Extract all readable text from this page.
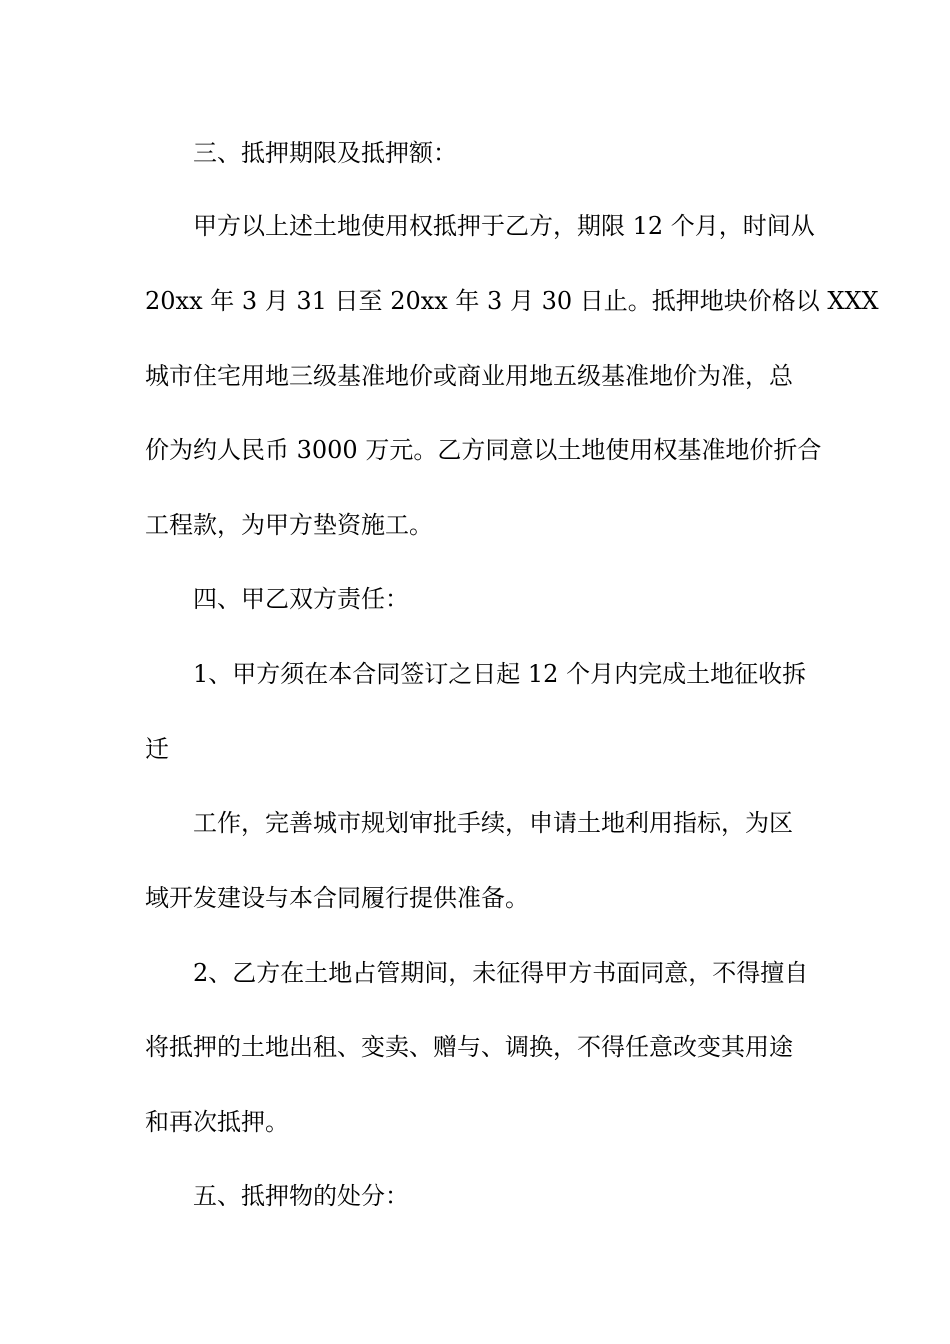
三、抵押期限及抵押额：

甲方以上述土地使用权抵押于乙方，期限 12 个月，时间从

20xx 年 3 月 31 日至 20xx 年 3 月 30 日止。抵押地块价格以 XXX

城市住宅用地三级基准地价或商业用地五级基准地价为准，总

价为约人民币 3000 万元。乙方同意以土地使用权基准地价折合

工程款，为甲方垫资施工。

四、甲乙双方责任：

1、甲方须在本合同签订之日起 12 个月内完成土地征收拆

迁

工作，完善城市规划审批手续，申请土地利用指标，为区

域开发建设与本合同履行提供准备。

2、乙方在土地占管期间，未征得甲方书面同意，不得擅自

将抵押的土地出租、变卖、赠与、调换，不得任意改变其用途

和再次抵押。

五、抵押物的处分：
